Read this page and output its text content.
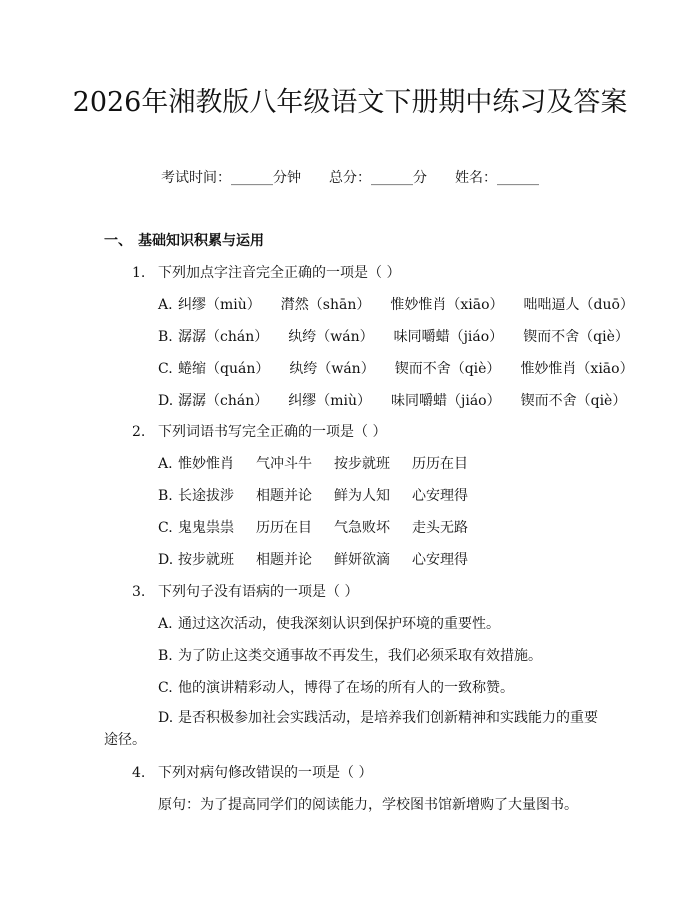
2026年湘教版八年级语文下册期中练习及答案
考试时间：______分钟 总分：______分 姓名：______
一、 基础知识积累与运用
1. 下列加点字注音完全正确的一项是（ ）
A. 纠缪（miù） 潸然（shān） 惟妙惟肖（xiāo） 咄咄逼人（duō）
B. 潺潺（chán） 纨绔（wán） 味同嚼蜡（jiáo） 锲而不舍（qiè）
C. 蜷缩（quán） 纨绔（wán） 锲而不舍（qiè） 惟妙惟肖（xiāo）
D. 潺潺（chán） 纠缪（miù） 味同嚼蜡（jiáo） 锲而不舍（qiè）
2. 下列词语书写完全正确的一项是（ ）
A. 惟妙惟肖 气冲斗牛 按步就班 历历在目
B. 长途拔涉 相题并论 鲜为人知 心安理得
C. 鬼鬼祟祟 历历在目 气急败坏 走头无路
D. 按步就班 相题并论 鲜妍欲滴 心安理得
3. 下列句子没有语病的一项是（ ）
A. 通过这次活动，使我深刻认识到保护环境的重要性。
B. 为了防止这类交通事故不再发生，我们必须采取有效措施。
C. 他的演讲精彩动人，博得了在场的所有人的一致称赞。
D. 是否积极参加社会实践活动，是培养我们创新精神和实践能力的重要途径。
4. 下列对病句修改错误的一项是（ ）
原句：为了提高同学们的阅读能力，学校图书馆新增购了大量图书。
